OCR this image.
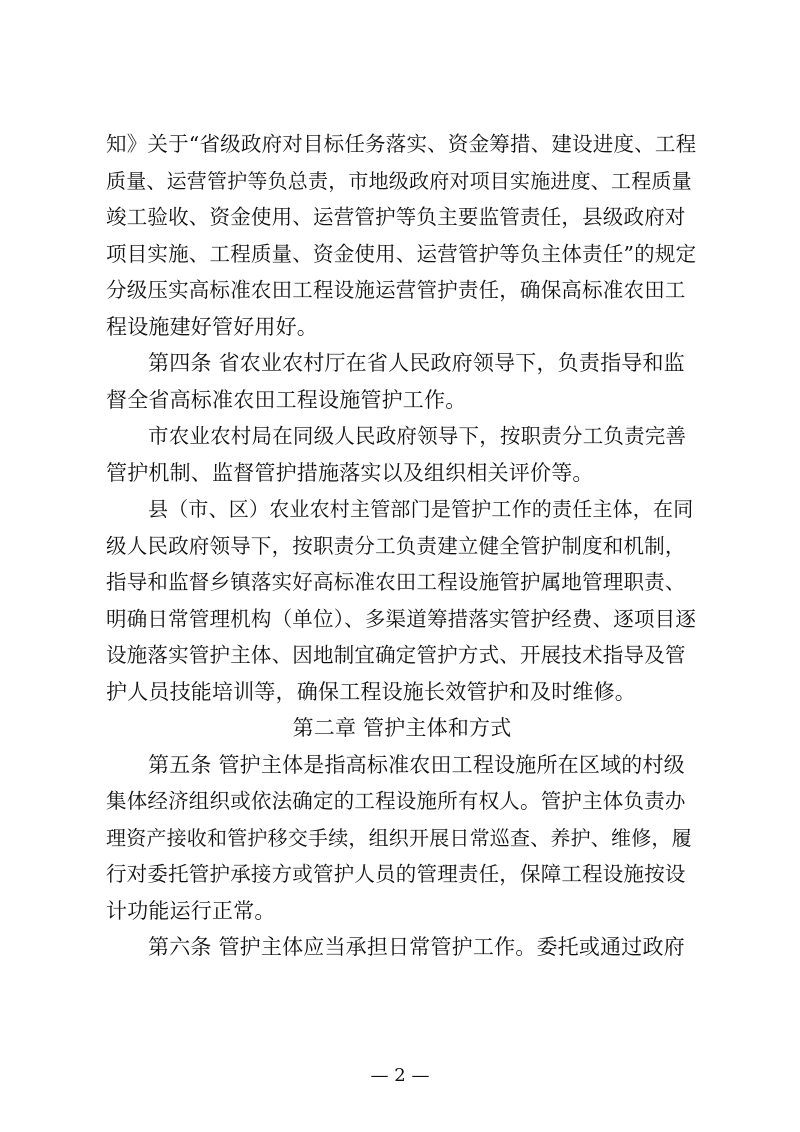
知》关于“省级政府对目标任务落实、资金筹措、建设进度、工程
质量、运营管护等负总责，市地级政府对项目实施进度、工程质量
竣工验收、资金使用、运营管护等负主要监管责任，县级政府对
项目实施、工程质量、资金使用、运营管护等负主体责任”的规定
分级压实高标准农田工程设施运营管护责任，确保高标准农田工
程设施建好管好用好。
第四条 省农业农村厅在省人民政府领导下，负责指导和监
督全省高标准农田工程设施管护工作。
市农业农村局在同级人民政府领导下，按职责分工负责完善
管护机制、监督管护措施落实以及组织相关评价等。
县（市、区）农业农村主管部门是管护工作的责任主体，在同
级人民政府领导下，按职责分工负责建立健全管护制度和机制，
指导和监督乡镇落实好高标准农田工程设施管护属地管理职责、
明确日常管理机构（单位）、多渠道筹措落实管护经费、逐项目逐
设施落实管护主体、因地制宜确定管护方式、开展技术指导及管
护人员技能培训等，确保工程设施长效管护和及时维修。
第二章 管护主体和方式
第五条 管护主体是指高标准农田工程设施所在区域的村级
集体经济组织或依法确定的工程设施所有权人。管护主体负责办
理资产接收和管护移交手续，组织开展日常巡查、养护、维修，履
行对委托管护承接方或管护人员的管理责任，保障工程设施按设
计功能运行正常。
第六条 管护主体应当承担日常管护工作。委托或通过政府
— 2 —
